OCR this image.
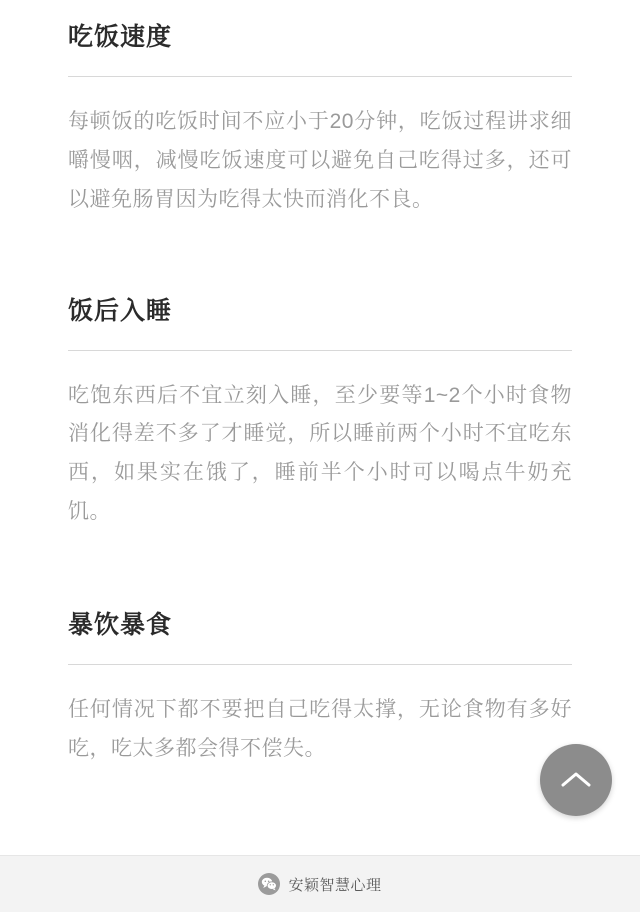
吃饭速度
每顿饭的吃饭时间不应小于20分钟，吃饭过程讲求细嚼慢咽，减慢吃饭速度可以避免自己吃得过多，还可以避免肠胃因为吃得太快而消化不良。
饭后入睡
吃饱东西后不宜立刻入睡，至少要等1~2个小时食物消化得差不多了才睡觉，所以睡前两个小时不宜吃东西，如果实在饿了，睡前半个小时可以喝点牛奶充饥。
暴饮暴食
任何情况下都不要把自己吃得太撑，无论食物有多好吃，吃太多都会得不偿失。
安颖智慧心理
